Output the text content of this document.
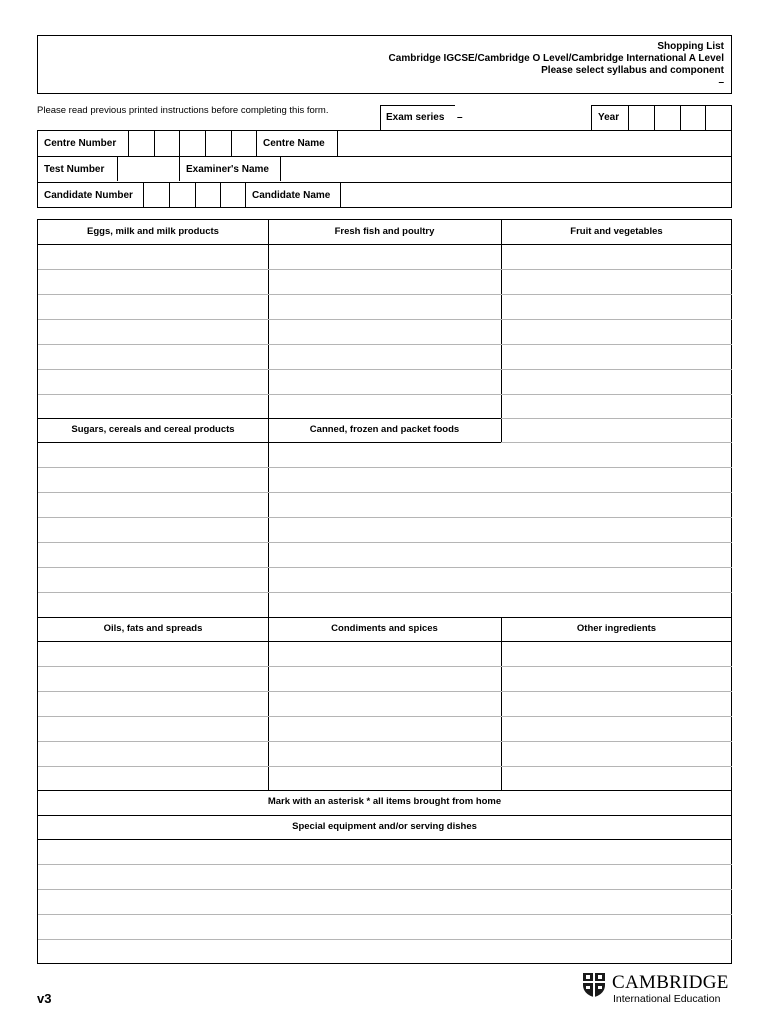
Shopping List
Cambridge IGCSE/Cambridge O Level/Cambridge International A Level
Please select syllabus and component
–
Please read previous printed instructions before completing this form.
Exam series –	Year
Centre Number	Centre Name
Test Number	Examiner's Name
Candidate Number	Candidate Name
Eggs, milk and milk products	Fresh fish and poultry	Fruit and vegetables
Sugars, cereals and cereal products	Canned, frozen and packet foods
Oils, fats and spreads	Condiments and spices	Other ingredients
Mark with an asterisk * all items brought from home
Special equipment and/or serving dishes
v3
CAMBRIDGE
International Education
